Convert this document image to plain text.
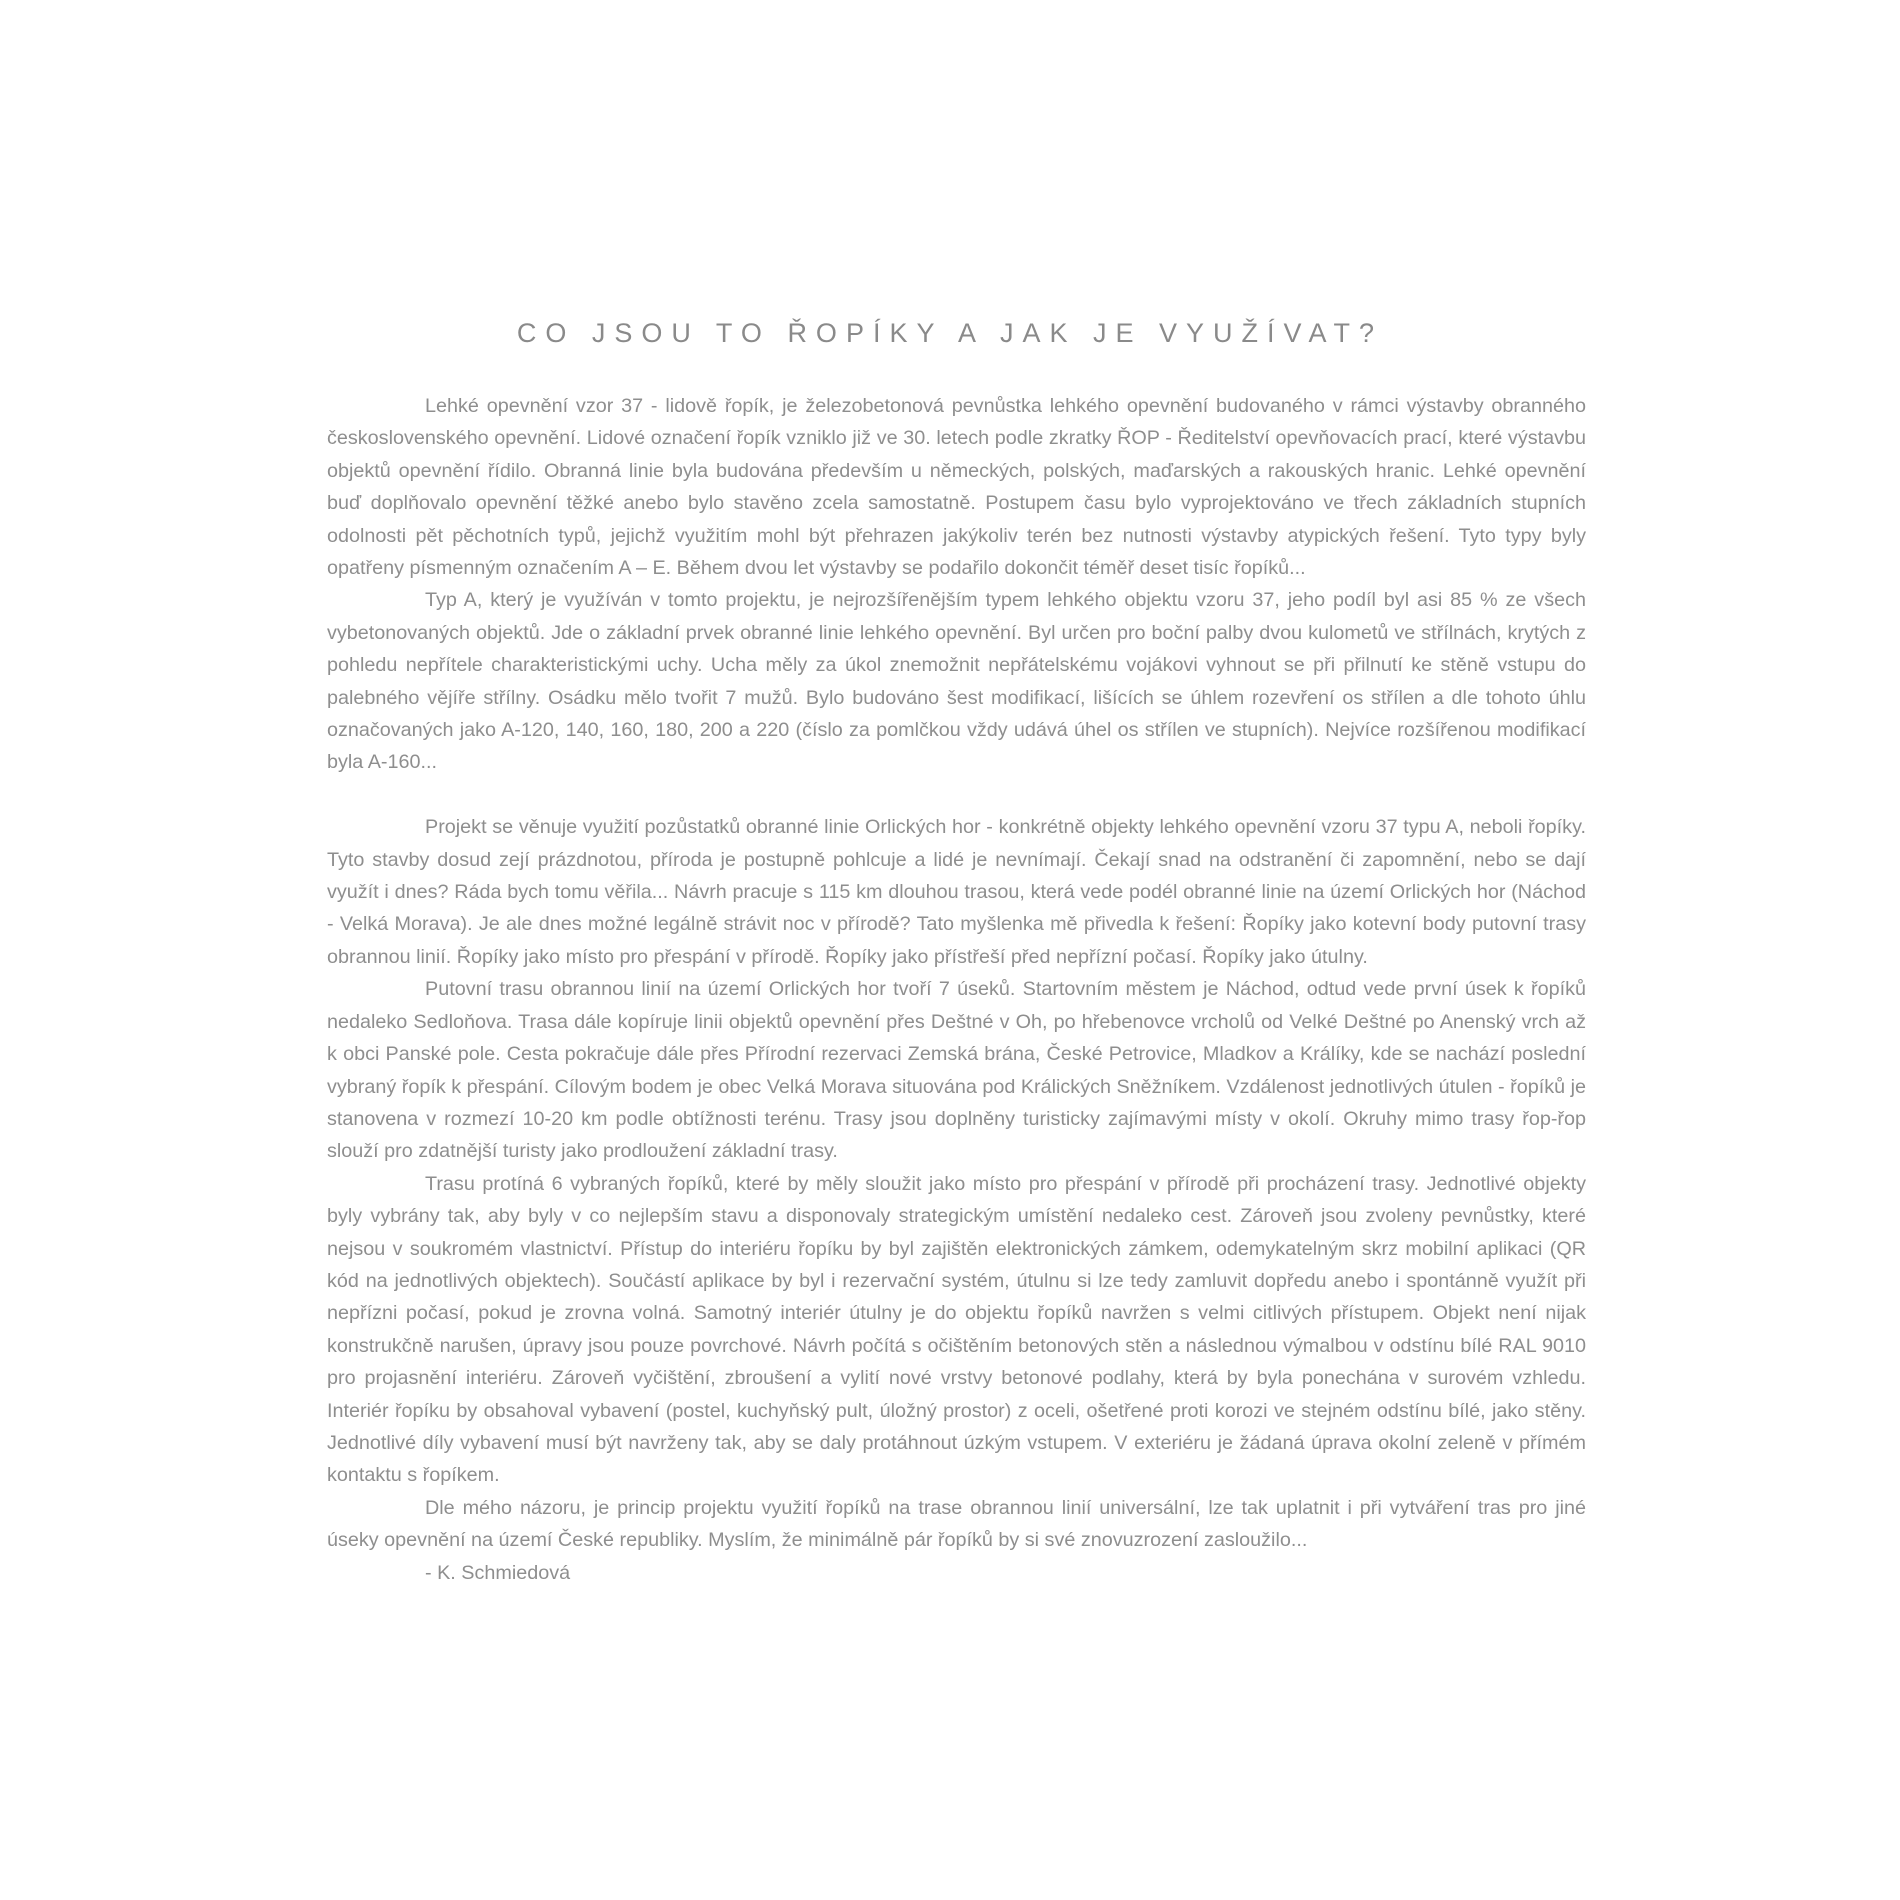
CO JSOU TO ŘOPÍKY A JAK JE VYUŽÍVAT?

Lehké opevnění vzor 37 - lidově řopík, je železobetonová pevnůstka lehkého opevnění budovaného v rámci výstavby obranného československého opevnění. Lidové označení řopík vzniklo již ve 30. letech podle zkratky ŘOP - Ředitelství opevňovacích prací, které výstavbu objektů opevnění řídilo. Obranná linie byla budována především u německých, polských, maďarských a rakouských hranic. Lehké opevnění buď doplňovalo opevnění těžké anebo bylo stavěno zcela samostatně. Postupem času bylo vyprojektováno ve třech základních stupních odolnosti pět pěchotních typů, jejichž využitím mohl být přehrazen jakýkoliv terén bez nutnosti výstavby atypických řešení. Tyto typy byly opatřeny písmenným označením A – E. Během dvou let výstavby se podařilo dokončit téměř deset tisíc řopíků...

Typ A, který je využíván v tomto projektu, je nejrozšířenějším typem lehkého objektu vzoru 37, jeho podíl byl asi 85 % ze všech vybetonovaných objektů. Jde o základní prvek obranné linie lehkého opevnění. Byl určen pro boční palby dvou kulometů ve střílnách, krytých z pohledu nepřítele charakteristickými uchy. Ucha měly za úkol znemožnit nepřátelskému vojákovi vyhnout se při přilnutí ke stěně vstupu do palebného vějíře střílny. Osádku mělo tvořit 7 mužů. Bylo budováno šest modifikací, lišících se úhlem rozevření os střílen a dle tohoto úhlu označovaných jako A-120, 140, 160, 180, 200 a 220 (číslo za pomlčkou vždy udává úhel os střílen ve stupních). Nejvíce rozšířenou modifikací byla A-160...

Projekt se věnuje využití pozůstatků obranné linie Orlických hor - konkrétně objekty lehkého opevnění vzoru 37 typu A, neboli řopíky. Tyto stavby dosud zejí prázdnotou, příroda je postupně pohlcuje a lidé je nevnímají. Čekají snad na odstranění či zapomnění, nebo se dají využít i dnes? Ráda bych tomu věřila... Návrh pracuje s 115 km dlouhou trasou, která vede podél obranné linie na území Orlických hor (Náchod - Velká Morava). Je ale dnes možné legálně strávit noc v přírodě? Tato myšlenka mě přivedla k řešení: Řopíky jako kotevní body putovní trasy obrannou linií. Řopíky jako místo pro přespání v přírodě. Řopíky jako přístřeší před nepřízní počasí. Řopíky jako útulny.

Putovní trasu obrannou linií na území Orlických hor tvoří 7 úseků. Startovním městem je Náchod, odtud vede první úsek k řopíků nedaleko Sedloňova. Trasa dále kopíruje linii objektů opevnění přes Deštné v Oh, po hřebenovce vrcholů od Velké Deštné po Anenský vrch až k obci Panské pole. Cesta pokračuje dále přes Přírodní rezervaci Zemská brána, České Petrovice, Mladkov a Králíky, kde se nachází poslední vybraný řopík k přespání. Cílovým bodem je obec Velká Morava situována pod Králických Sněžníkem. Vzdálenost jednotlivých útulen - řopíků je stanovena v rozmezí 10-20 km podle obtížnosti terénu. Trasy jsou doplněny turisticky zajímavými místy v okolí. Okruhy mimo trasy řop-řop slouží pro zdatnější turisty jako prodloužení základní trasy.

Trasu protíná 6 vybraných řopíků, které by měly sloužit jako místo pro přespání v přírodě při procházení trasy. Jednotlivé objekty byly vybrány tak, aby byly v co nejlepším stavu a disponovaly strategickým umístění nedaleko cest. Zároveň jsou zvoleny pevnůstky, které nejsou v soukromém vlastnictví. Přístup do interiéru řopíku by byl zajištěn elektronických zámkem, odemykatelným skrz mobilní aplikaci (QR kód na jednotlivých objektech). Součástí aplikace by byl i rezervační systém, útulnu si lze tedy zamluvit dopředu anebo i spontánně využít při nepřízni počasí, pokud je zrovna volná. Samotný interiér útulny je do objektu řopíků navržen s velmi citlivých přístupem. Objekt není nijak konstrukčně narušen, úpravy jsou pouze povrchové. Návrh počítá s očištěním betonových stěn a následnou výmalbou v odstínu bílé RAL 9010 pro projasnění interiéru. Zároveň vyčištění, zbroušení a vylití nové vrstvy betonové podlahy, která by byla ponechána v surovém vzhledu. Interiér řopíku by obsahoval vybavení (postel, kuchyňský pult, úložný prostor) z oceli, ošetřené proti korozi ve stejném odstínu bílé, jako stěny. Jednotlivé díly vybavení musí být navrženy tak, aby se daly protáhnout úzkým vstupem. V exteriéru je žádaná úprava okolní zeleně v přímém kontaktu s řopíkem.

Dle mého názoru, je princip projektu využití řopíků na trase obrannou linií universální, lze tak uplatnit i při vytváření tras pro jiné úseky opevnění na území České republiky. Myslím, že minimálně pár řopíků by si své znovuzrození zasloužilo...

- K. Schmiedová
